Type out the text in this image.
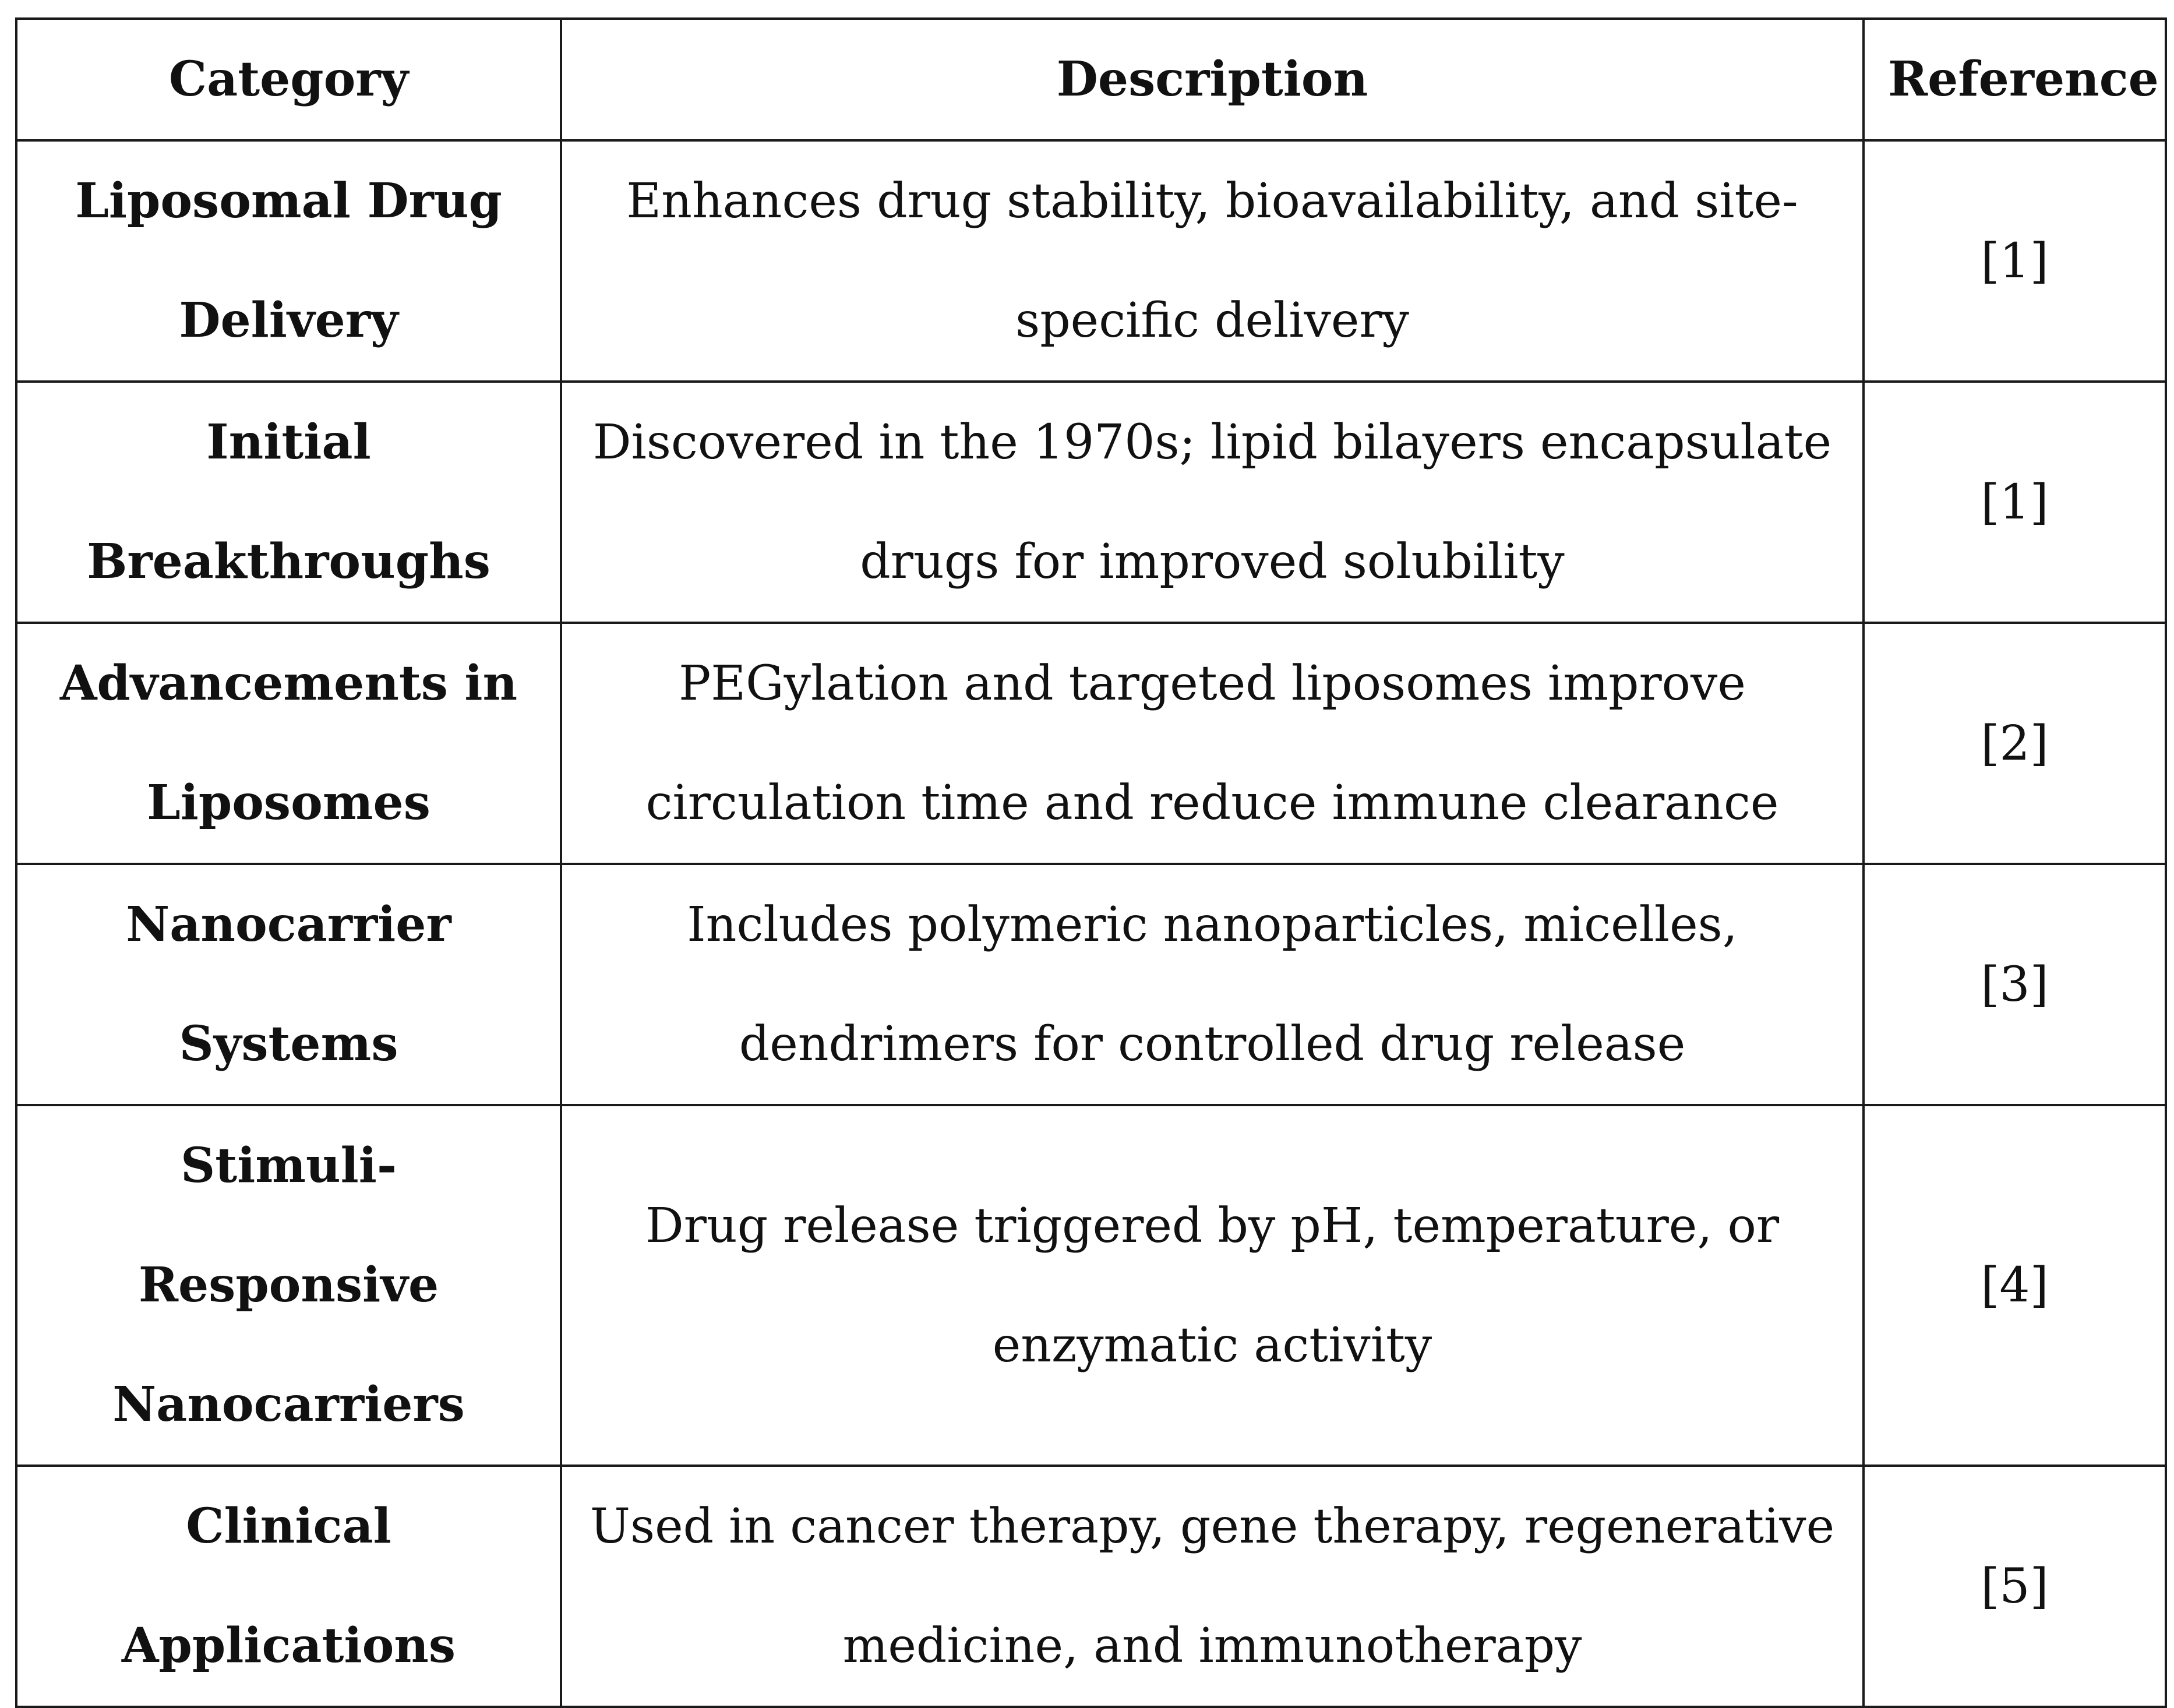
Category	Description	Reference
Liposomal Drug Delivery	Enhances drug stability, bioavailability, and site-specific delivery	[1]
Initial Breakthroughs	Discovered in the 1970s; lipid bilayers encapsulate drugs for improved solubility	[1]
Advancements in Liposomes	PEGylation and targeted liposomes improve circulation time and reduce immune clearance	[2]
Nanocarrier Systems	Includes polymeric nanoparticles, micelles, dendrimers for controlled drug release	[3]
Stimuli-Responsive Nanocarriers	Drug release triggered by pH, temperature, or enzymatic activity	[4]
Clinical Applications	Used in cancer therapy, gene therapy, regenerative medicine, and immunotherapy	[5]
